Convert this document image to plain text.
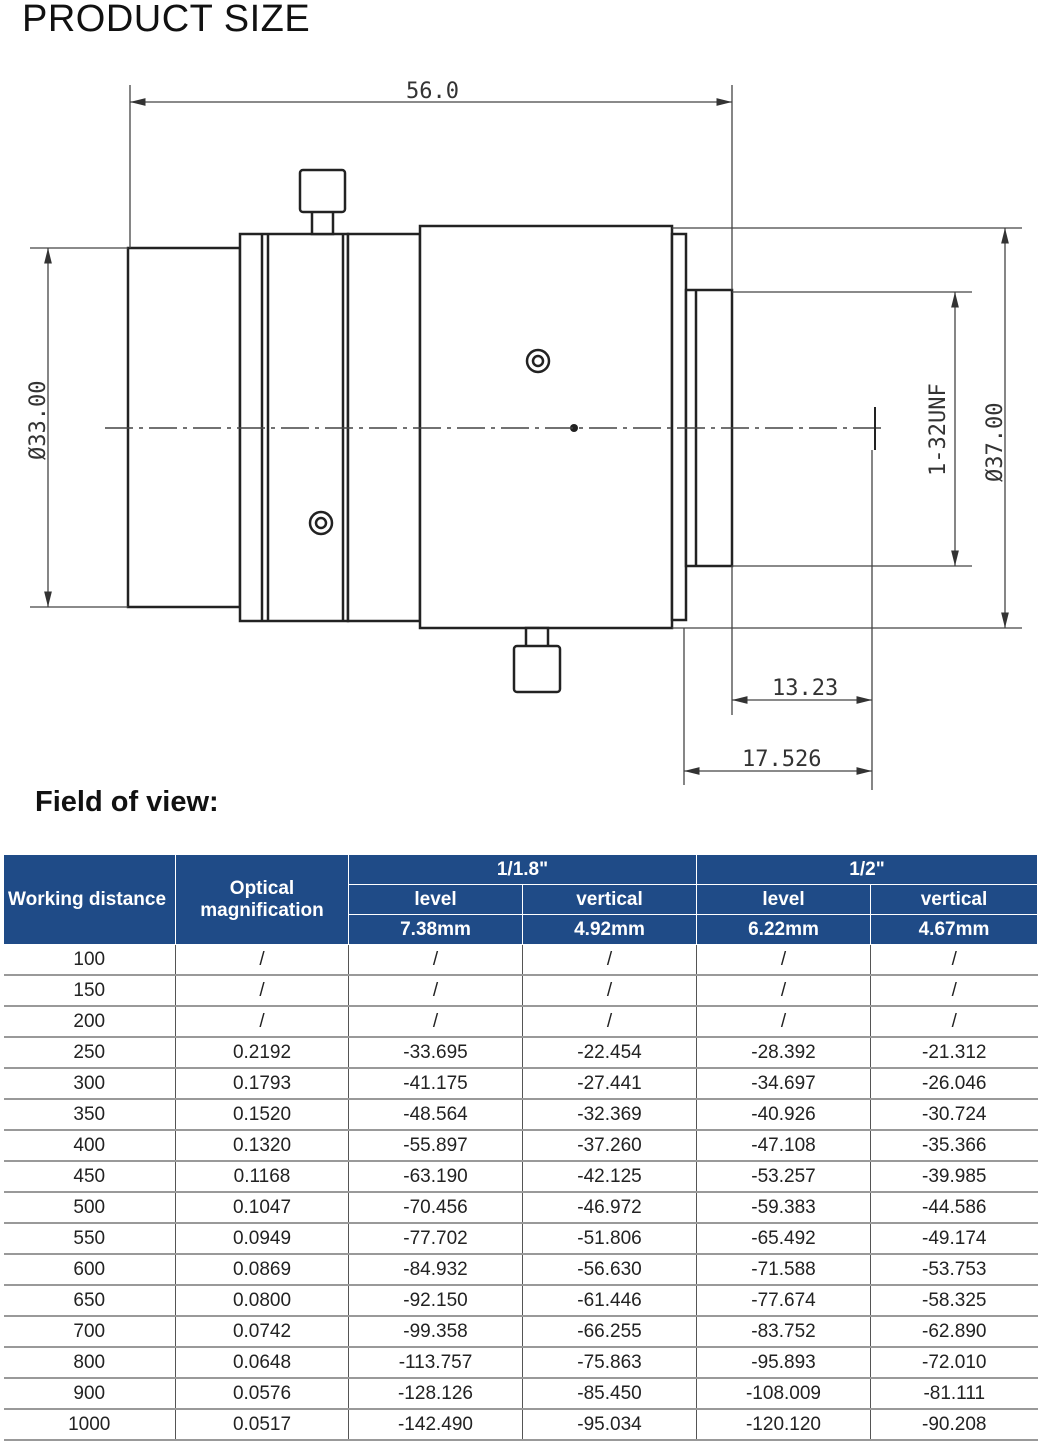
PRODUCT SIZE
56.0
Ø33.00	Ø37.00
1-32UNF
13.23
17.526
Field of view:
Working distance	Optical magnification	1/1.8"		1/2"	
		level	vertical	level	vertical
		7.38mm	4.92mm	6.22mm	4.67mm
100	/	/	/	/	/
150	/	/	/	/	/
200	/	/	/	/	/
250	0.2192	-33.695	-22.454	-28.392	-21.312
300	0.1793	-41.175	-27.441	-34.697	-26.046
350	0.1520	-48.564	-32.369	-40.926	-30.724
400	0.1320	-55.897	-37.260	-47.108	-35.366
450	0.1168	-63.190	-42.125	-53.257	-39.985
500	0.1047	-70.456	-46.972	-59.383	-44.586
550	0.0949	-77.702	-51.806	-65.492	-49.174
600	0.0869	-84.932	-56.630	-71.588	-53.753
650	0.0800	-92.150	-61.446	-77.674	-58.325
700	0.0742	-99.358	-66.255	-83.752	-62.890
800	0.0648	-113.757	-75.863	-95.893	-72.010
900	0.0576	-128.126	-85.450	-108.009	-81.111
1000	0.0517	-142.490	-95.034	-120.120	-90.208
